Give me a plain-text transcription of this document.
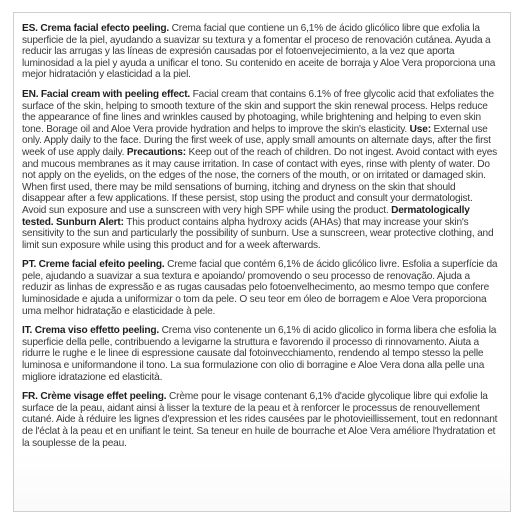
ES. Crema facial efecto peeling. Crema facial que contiene un 6,1% de ácido glicólico libre que exfolia la superficie de la piel, ayudando a suavizar su textura y a fomentar el proceso de renovación cutánea. Ayuda a reducir las arrugas y las líneas de expresión causadas por el fotoenvejecimiento, a la vez que aporta luminosidad a la piel y ayuda a unificar el tono. Su contenido en aceite de borraja y Aloe Vera proporciona una mejor hidratación y elasticidad a la piel.

EN. Facial cream with peeling effect. Facial cream that contains 6.1% of free glycolic acid that exfoliates the surface of the skin, helping to smooth texture of the skin and support the skin renewal process. Helps reduce the appearance of fine lines and wrinkles caused by photoaging, while brightening and helping to even skin tone. Borage oil and Aloe Vera provide hydration and helps to improve the skin's elasticity. Use: External use only. Apply daily to the face. During the first week of use, apply small amounts on alternate days, after the first week of use apply daily. Precautions: Keep out of the reach of children. Do not ingest. Avoid contact with eyes and mucous membranes as it may cause irritation. In case of contact with eyes, rinse with plenty of water. Do not apply on the eyelids, on the edges of the nose, the corners of the mouth, or on irritated or damaged skin. When first used, there may be mild sensations of burning, itching and dryness on the skin that should disappear after a few applications. If these persist, stop using the product and consult your dermatologist. Avoid sun exposure and use a sunscreen with very high SPF while using the product. Dermatologically tested. Sunburn Alert: This product contains alpha hydroxy acids (AHAs) that may increase your skin's sensitivity to the sun and particularly the possibility of sunburn. Use a sunscreen, wear protective clothing, and limit sun exposure while using this product and for a week afterwards.

PT. Creme facial efeito peeling. Creme facial que contém 6,1% de ácido glicólico livre. Esfolia a superfície da pele, ajudando a suavizar a sua textura e apoiando/ promovendo o seu processo de renovação. Ajuda a reduzir as linhas de expressão e as rugas causadas pelo fotoenvelhecimento, ao mesmo tempo que confere luminosidade e ajuda a uniformizar o tom da pele. O seu teor em óleo de borragem e Aloe Vera proporciona uma melhor hidratação e elasticidade à pele.

IT. Crema viso effetto peeling. Crema viso contenente un 6,1% di acido glicolico in forma libera che esfolia la superficie della pelle, contribuendo a levigarne la struttura e favorendo il processo di rinnovamento. Aiuta a ridurre le rughe e le linee di espressione causate dal fotoinvecchiamento, rendendo al tempo stesso la pelle luminosa e uniformandone il tono. La sua formulazione con olio di borragine e Aloe Vera dona alla pelle una migliore idratazione ed elasticità.

FR. Crème visage effet peeling. Crème pour le visage contenant 6,1% d'acide glycolique libre qui exfolie la surface de la peau, aidant ainsi à lisser la texture de la peau et à renforcer le processus de renouvellement cutané. Aide à réduire les lignes d'expression et les rides causées par le photovieillissement, tout en redonnant de l'éclat à la peau et en unifiant le teint. Sa teneur en huile de bourrache et Aloe Vera améliore l'hydratation et la souplesse de la peau.
